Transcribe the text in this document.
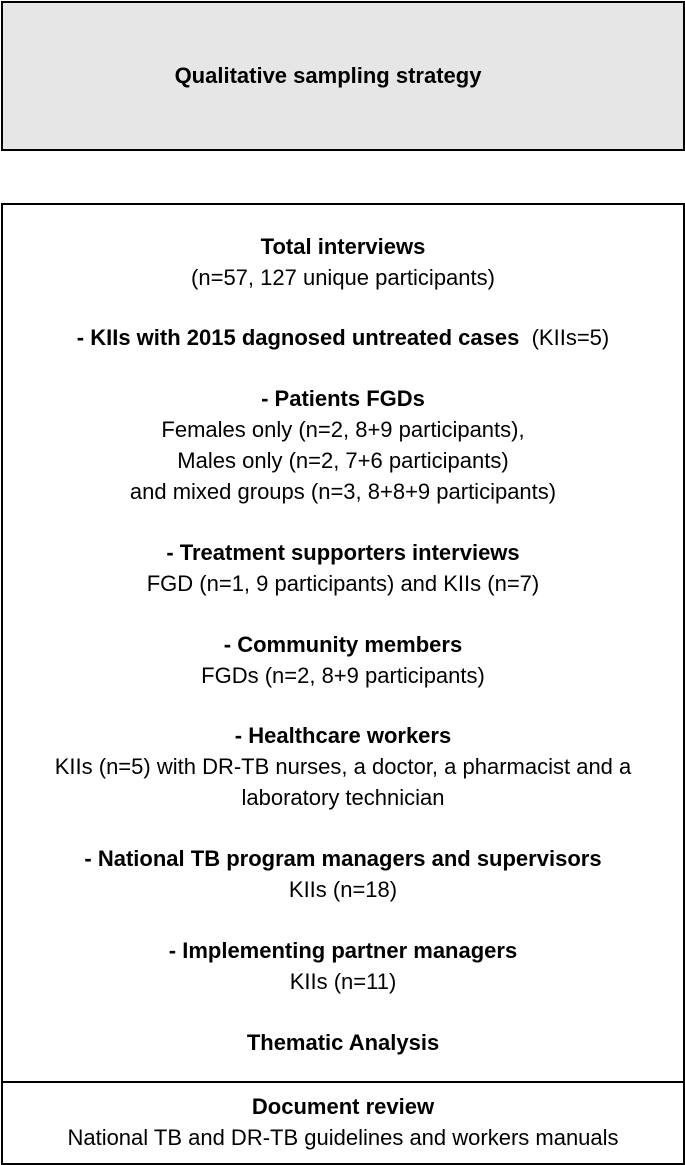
Qualitative sampling strategy
Total interviews
(n=57, 127 unique participants)
- KIIs with 2015 dagnosed untreated cases (KIIs=5)
- Patients FGDs
Females only (n=2, 8+9 participants),
Males only (n=2, 7+6 participants)
and mixed groups (n=3, 8+8+9 participants)
- Treatment supporters interviews
FGD (n=1, 9 participants) and KIIs (n=7)
- Community members
FGDs (n=2, 8+9 participants)
- Healthcare workers
KIIs (n=5) with DR-TB nurses, a doctor, a pharmacist and a
laboratory technician
- National TB program managers and supervisors
KIIs (n=18)
- Implementing partner managers
KIIs (n=11)
Thematic Analysis
Document review
National TB and DR-TB guidelines and workers manuals
